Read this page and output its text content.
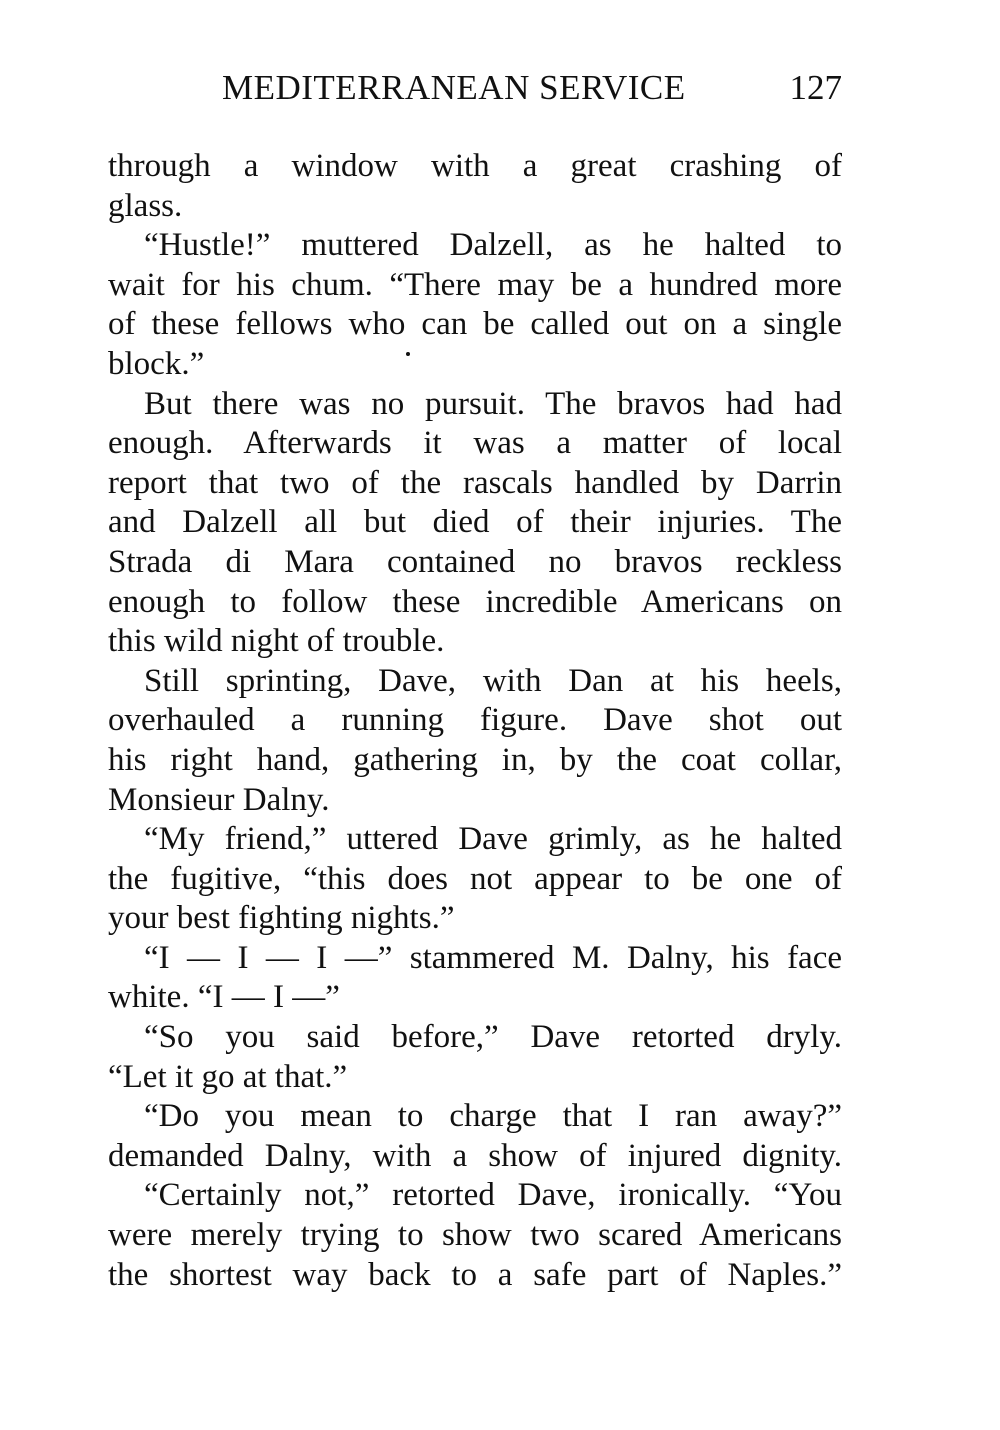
MEDITERRANEAN SERVICE	127
through a window with a great crashing of
glass.
“Hustle!” muttered Dalzell, as he halted to
wait for his chum. “There may be a hundred more
of these fellows who can be called out on a single
block.”
But there was no pursuit. The bravos had had
enough. Afterwards it was a matter of local
report that two of the rascals handled by Darrin
and Dalzell all but died of their injuries. The
Strada di Mara contained no bravos reckless
enough to follow these incredible Americans on
this wild night of trouble.
Still sprinting, Dave, with Dan at his heels,
overhauled a running figure. Dave shot out
his right hand, gathering in, by the coat collar,
Monsieur Dalny.
“My friend,” uttered Dave grimly, as he halted
the fugitive, “this does not appear to be one of
your best fighting nights.”
“I — I — I —” stammered M. Dalny, his face
white. “I — I —”
“So you said before,” Dave retorted dryly.
“Let it go at that.”
“Do you mean to charge that I ran away?”
demanded Dalny, with a show of injured dignity.
“Certainly not,” retorted Dave, ironically. “You
were merely trying to show two scared Americans
the shortest way back to a safe part of Naples.”
